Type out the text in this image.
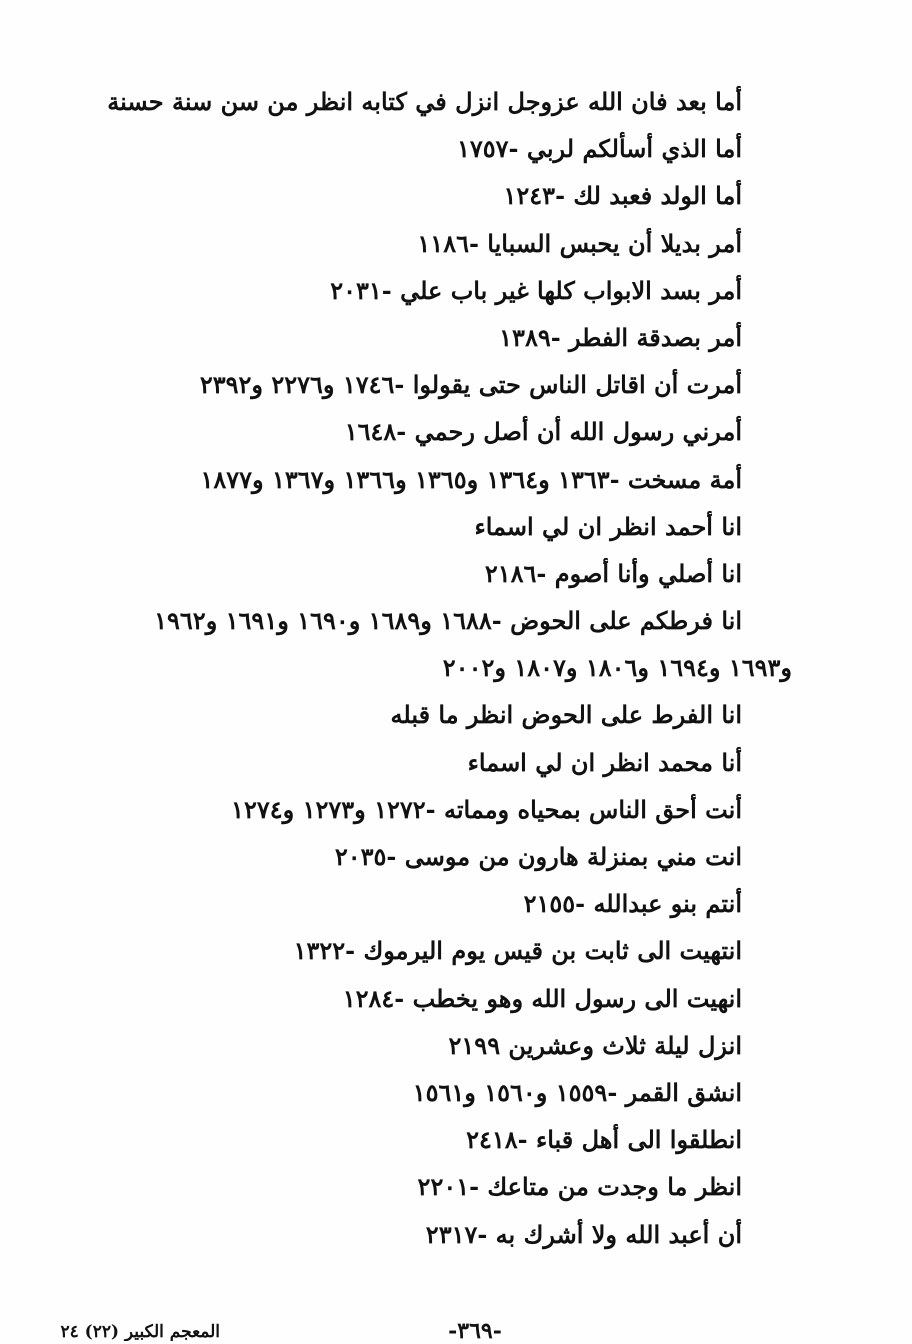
أما بعد فان الله عزوجل انزل في كتابه انظر من سن سنة حسنة
أما الذي أسألكم لربي -١٧٥٧
أما الولد فعبد لك -١٢٤٣
أمر بديلا أن يحبس السبايا -١١٨٦
أمر بسد الابواب كلها غير باب علي -٢٠٣١
أمر بصدقة الفطر -١٣٨٩
أمرت أن اقاتل الناس حتى يقولوا -١٧٤٦ و٢٢٧٦ و٢٣٩٢
أمرني رسول الله أن أصل رحمي -١٦٤٨
أمة مسخت -١٣٦٣ و١٣٦٤ و١٣٦٥ و١٣٦٦ و١٣٦٧ و١٨٧٧
انا أحمد انظر ان لي اسماء
انا أصلي وأنا أصوم -٢١٨٦
انا فرطكم على الحوض -١٦٨٨ و١٦٨٩ و١٦٩٠ و١٦٩١ و١٩٦٢
و١٦٩٣ و١٦٩٤ و١٨٠٦ و١٨٠٧ و٢٠٠٢
انا الفرط على الحوض انظر ما قبله
أنا محمد انظر ان لي اسماء
أنت أحق الناس بمحياه ومماته -١٢٧٢ و١٢٧٣ و١٢٧٤
انت مني بمنزلة هارون من موسى -٢٠٣٥
أنتم بنو عبدالله -٢١٥٥
انتهيت الى ثابت بن قيس يوم اليرموك -١٣٢٢
انهيت الى رسول الله وهو يخطب -١٢٨٤
انزل ليلة ثلاث وعشرين ٢١٩٩
انشق القمر -١٥٥٩ و١٥٦٠ و١٥٦١
انطلقوا الى أهل قباء -٢٤١٨
انظر ما وجدت من متاعك -٢٢٠١
أن أعبد الله ولا أشرك به -٢٣١٧
-٣٦٩-
المعجم الكبير (٢٢) ٢٤
